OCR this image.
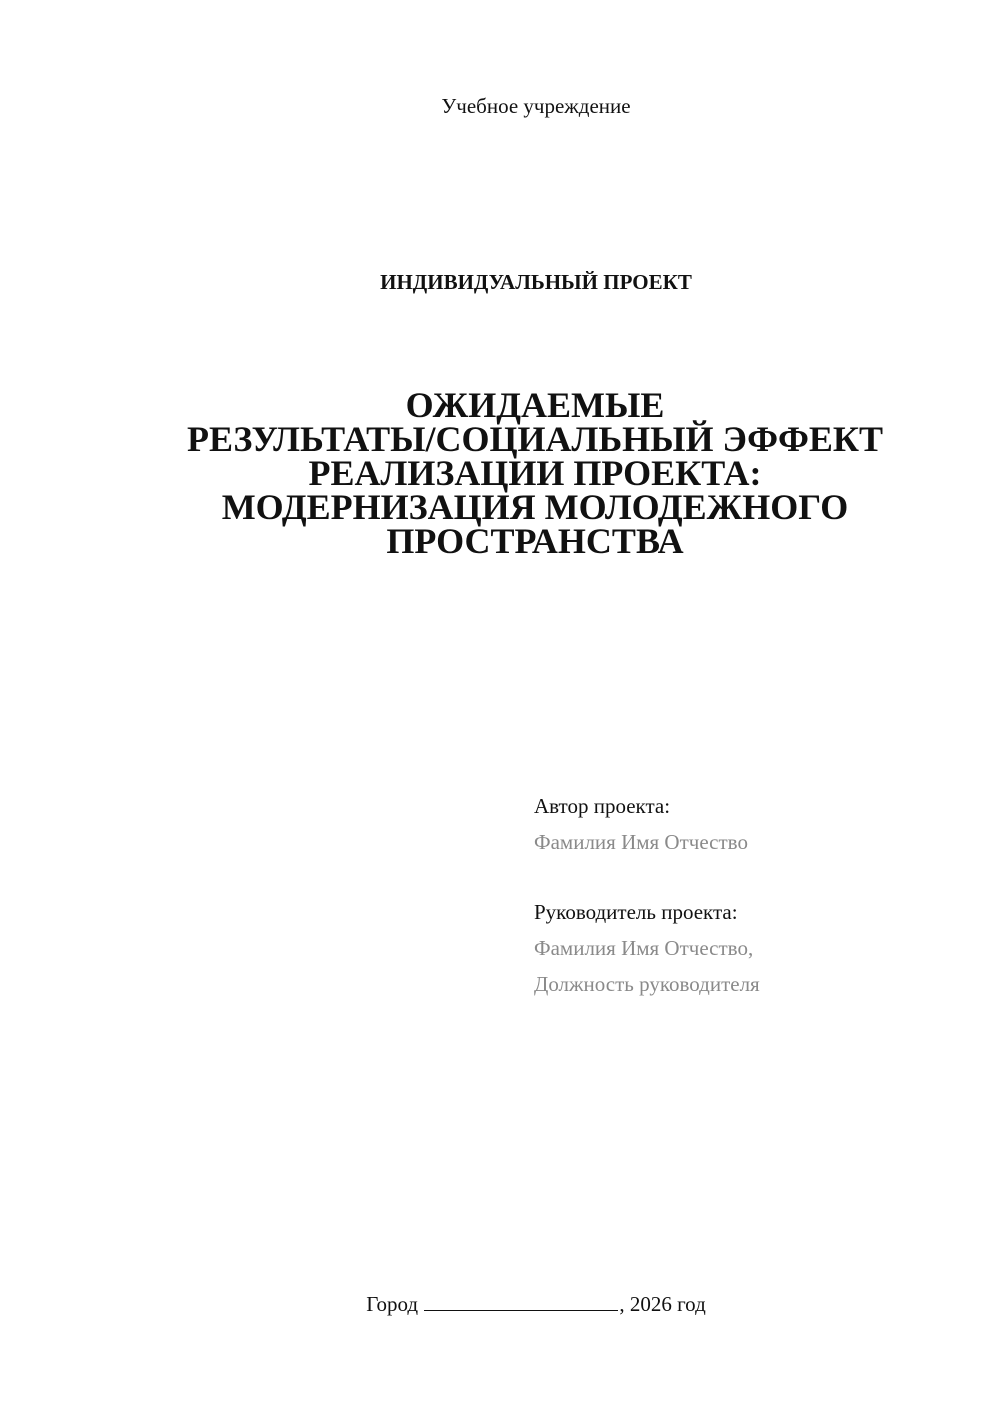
Учебное учреждение
ИНДИВИДУАЛЬНЫЙ ПРОЕКТ
ОЖИДАЕМЫЕ
РЕЗУЛЬТАТЫ/СОЦИАЛЬНЫЙ ЭФФЕКТ
РЕАЛИЗАЦИИ ПРОЕКТА:
МОДЕРНИЗАЦИЯ МОЛОДЕЖНОГО
ПРОСТРАНСТВА
Автор проекта:
Фамилия Имя Отчество
Руководитель проекта:
Фамилия Имя Отчество,
Должность руководителя
Город	, 2026 год
